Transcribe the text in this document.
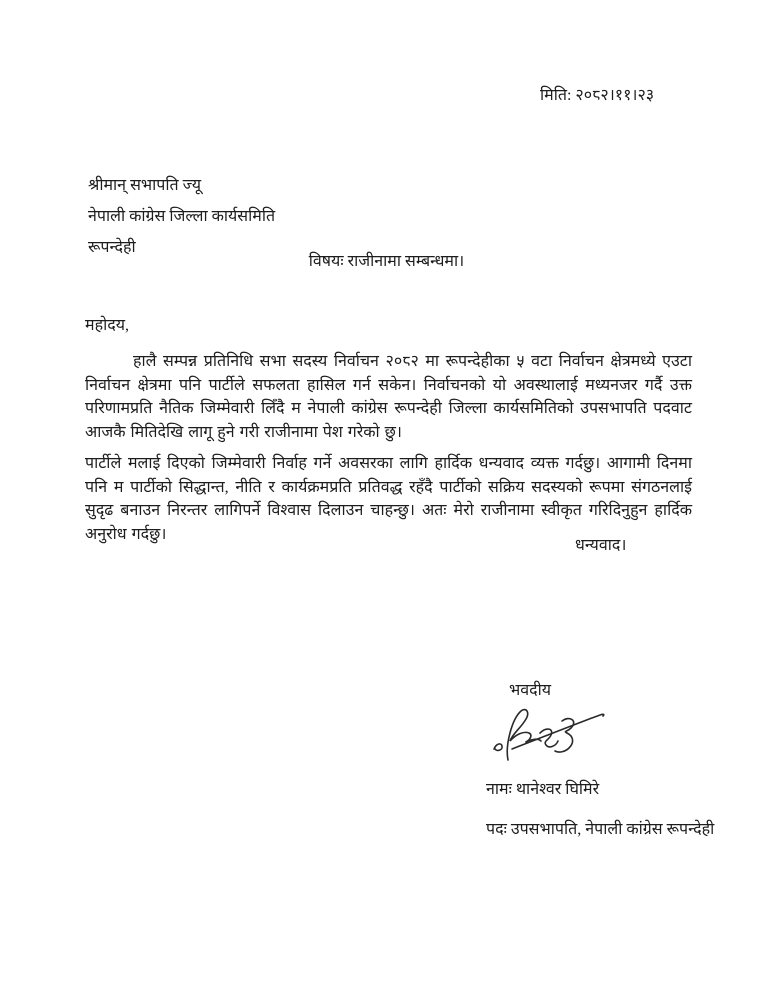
मिति: २०८२।११।२३
श्रीमान् सभापति ज्यू
नेपाली कांग्रेस जिल्ला कार्यसमिति
रूपन्देही
विषयः राजीनामा सम्बन्धमा।
महोदय,
हालै सम्पन्न प्रतिनिधि सभा सदस्य निर्वाचन २०८२ मा रूपन्देहीका ५ वटा निर्वाचन क्षेत्रमध्ये एउटा निर्वाचन क्षेत्रमा पनि पार्टीले सफलता हासिल गर्न सकेन। निर्वाचनको यो अवस्थालाई मध्यनजर गर्दै उक्त परिणामप्रति नैतिक जिम्मेवारी लिँदै म नेपाली कांग्रेस रूपन्देही जिल्ला कार्यसमितिको उपसभापति पदवाट आजकै मितिदेखि लागू हुने गरी राजीनामा पेश गरेको छु।
पार्टीले मलाई दिएको जिम्मेवारी निर्वाह गर्ने अवसरका लागि हार्दिक धन्यवाद व्यक्त गर्दछु। आगामी दिनमा पनि म पार्टीको सिद्धान्त, नीति र कार्यक्रमप्रति प्रतिवद्ध रहँदै पार्टीको सक्रिय सदस्यको रूपमा संगठनलाई सुदृढ बनाउन निरन्तर लागिपर्ने विश्वास दिलाउन चाहन्छु। अतः मेरो राजीनामा स्वीकृत गरिदिनुहुन हार्दिक अनुरोध गर्दछु।
धन्यवाद।
भवदीय
नामः थानेश्वर घिमिरे
पदः उपसभापति, नेपाली कांग्रेस रूपन्देही
